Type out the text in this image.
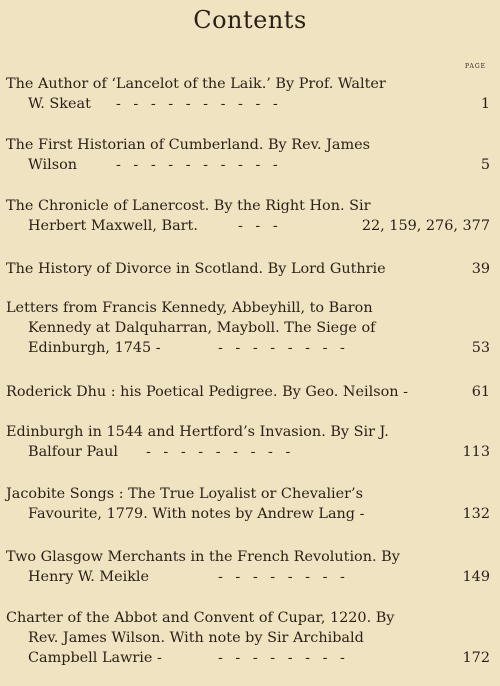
Contents
PAGE
The Author of ‘Lancelot of the Laik.’ By Prof. Walter
W. Skeat - - - - - - - - - -	1
The First Historian of Cumberland. By Rev. James
Wilson	- - - - - - - - - -	5
The Chronicle of Lanercost. By the Right Hon. Sir
Herbert Maxwell, Bart.	- - -	22, 159, 276, 377
The History of Divorce in Scotland. By Lord Guthrie	39
Letters from Francis Kennedy, Abbeyhill, to Baron
Kennedy at Dalquharran, Mayboll. The Siege of
Edinburgh, 1745 -	- - - - - - - -	53
Roderick Dhu : his Poetical Pedigree. By Geo. Neilson -	61
Edinburgh in 1544 and Hertford’s Invasion. By Sir J.
Balfour Paul - - - - - - - - -	113
Jacobite Songs : The True Loyalist or Chevalier’s
Favourite, 1779. With notes by Andrew Lang -	132
Two Glasgow Merchants in the French Revolution. By
Henry W. Meikle	- - - - - - - -	149
Charter of the Abbot and Convent of Cupar, 1220. By
Rev. James Wilson. With note by Sir Archibald
Campbell Lawrie -	- - - - - - - -	172
